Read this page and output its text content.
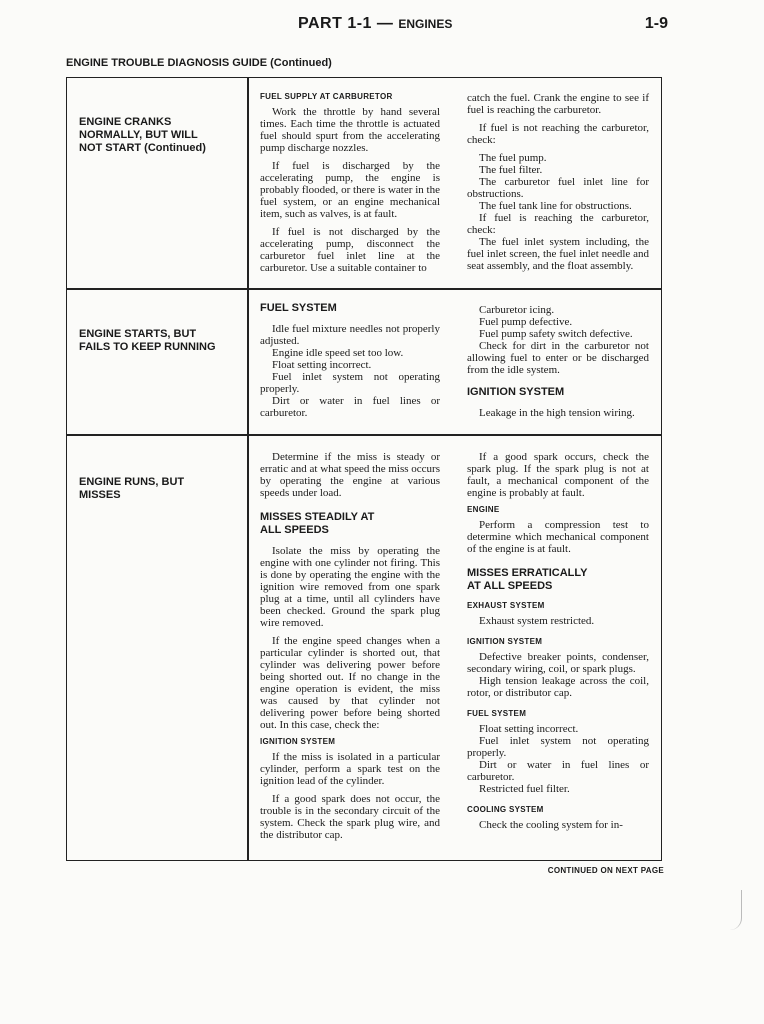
PART 1-1 — ENGINES	1-9
ENGINE TROUBLE DIAGNOSIS GUIDE (Continued)
ENGINE CRANKS
NORMALLY, BUT WILL
NOT START (Continued)
FUEL SUPPLY AT CARBURETOR

Work the throttle by hand several times. Each time the throttle is actuated fuel should spurt from the accelerating pump discharge nozzles.

If fuel is discharged by the accelerating pump, the engine is probably flooded, or there is water in the fuel system, or an engine mechanical item, such as valves, is at fault.

If fuel is not discharged by the accelerating pump, disconnect the carburetor fuel inlet line at the carburetor. Use a suitable container to

catch the fuel. Crank the engine to see if fuel is reaching the carburetor.

If fuel is not reaching the carburetor, check:

The fuel pump.
The fuel filter.
The carburetor fuel inlet line for obstructions.
The fuel tank line for obstructions.
If fuel is reaching the carburetor, check:
The fuel inlet system including, the fuel inlet screen, the fuel inlet needle and seat assembly, and the float assembly.
ENGINE STARTS, BUT
FAILS TO KEEP RUNNING
FUEL SYSTEM
Idle fuel mixture needles not properly adjusted.
Engine idle speed set too low.
Float setting incorrect.
Fuel inlet system not operating properly.
Dirt or water in fuel lines or carburetor.
Carburetor icing.
Fuel pump defective.
Fuel pump safety switch defective.
Check for dirt in the carburetor not allowing fuel to enter or be discharged from the idle system.
IGNITION SYSTEM
Leakage in the high tension wiring.
ENGINE RUNS, BUT
MISSES

Determine if the miss is steady or erratic and at what speed the miss occurs by operating the engine at various speeds under load.

MISSES STEADILY AT
ALL SPEEDS

Isolate the miss by operating the engine with one cylinder not firing. This is done by operating the engine with the ignition wire removed from one spark plug at a time, until all cylinders have been checked. Ground the spark plug wire removed.

If the engine speed changes when a particular cylinder is shorted out, that cylinder was delivering power before being shorted out. If no change in the engine operation is evident, the miss was caused by that cylinder not delivering power before being shorted out. In this case, check the:

IGNITION SYSTEM

If the miss is isolated in a particular cylinder, perform a spark test on the ignition lead of the cylinder.

If a good spark does not occur, the trouble is in the secondary circuit of the system. Check the spark plug wire, and the distributor cap.

If a good spark occurs, check the spark plug. If the spark plug is not at fault, a mechanical component of the engine is probably at fault.

ENGINE

Perform a compression test to determine which mechanical component of the engine is at fault.

MISSES ERRATICALLY
AT ALL SPEEDS
EXHAUST SYSTEM
Exhaust system restricted.
IGNITION SYSTEM
Defective breaker points, condenser, secondary wiring, coil, or spark plugs.
High tension leakage across the coil, rotor, or distributor cap.
FUEL SYSTEM
Float setting incorrect.
Fuel inlet system not operating properly.
Dirt or water in fuel lines or carburetor.
Restricted fuel filter.
COOLING SYSTEM
Check the cooling system for in-
CONTINUED ON NEXT PAGE
